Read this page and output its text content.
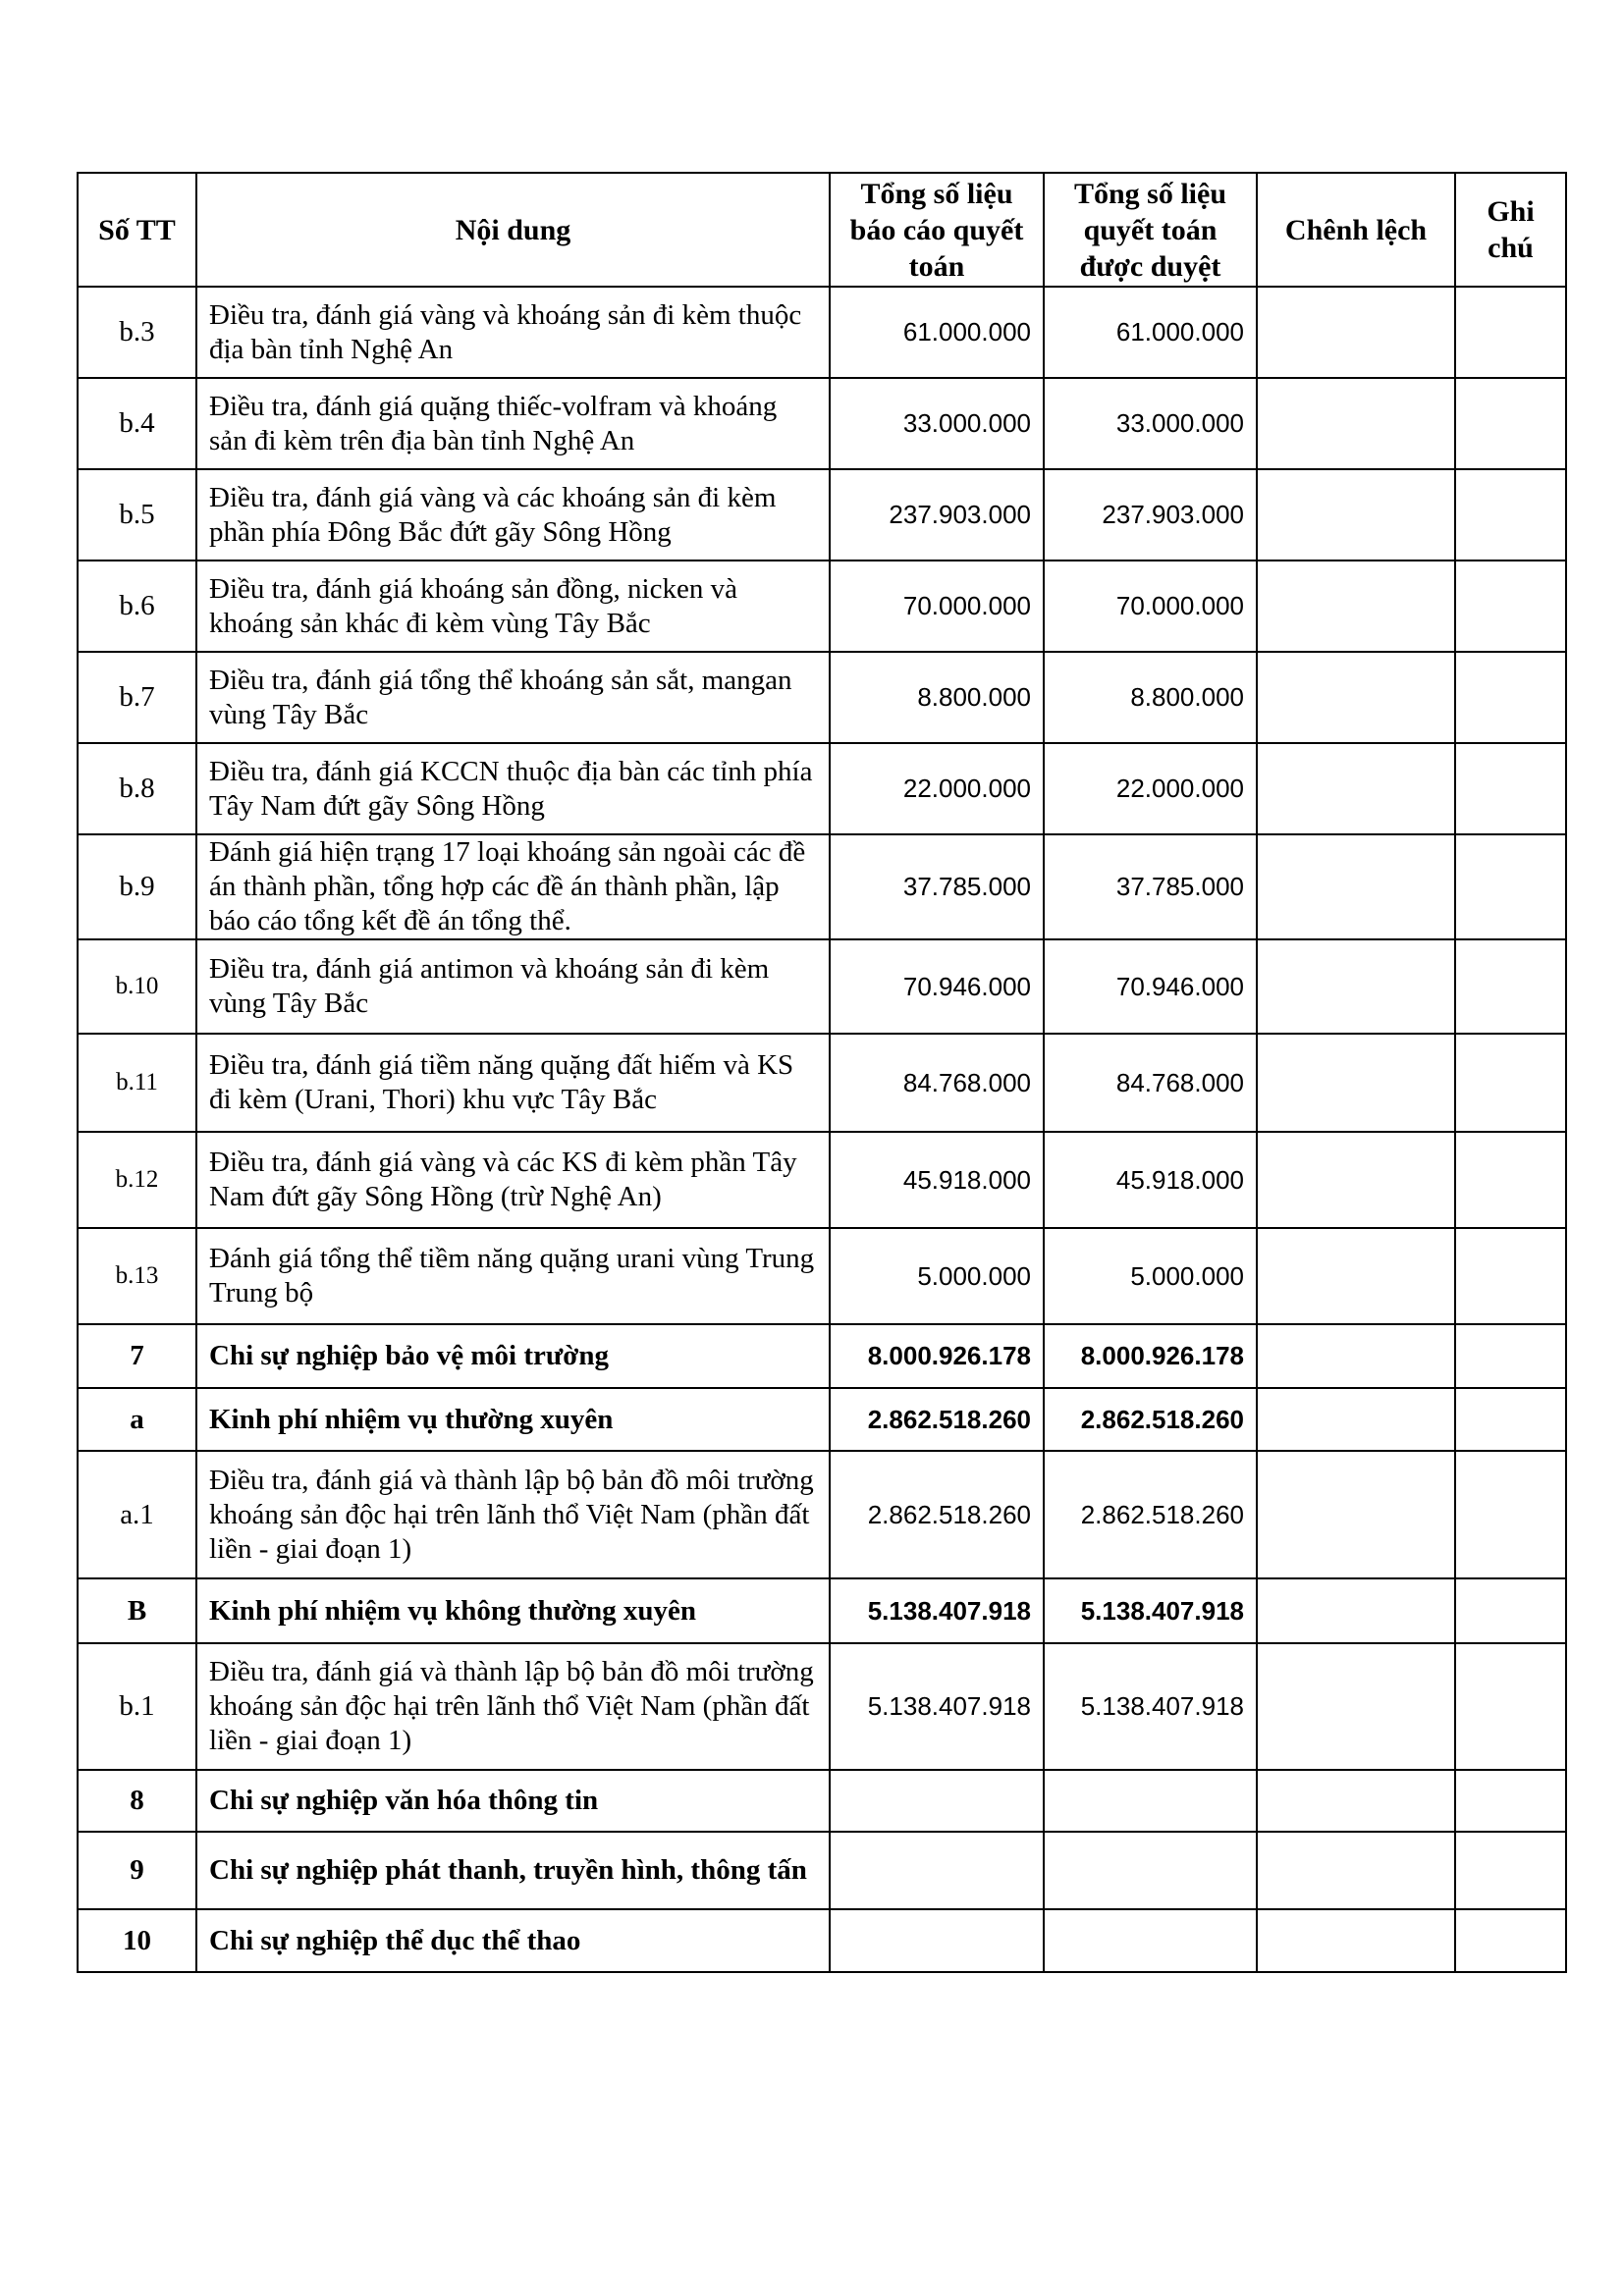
Số TT	Nội dung	Tổng số liệu báo cáo quyết toán	Tổng số liệu quyết toán được duyệt	Chênh lệch	Ghi chú
b.3	Điều tra, đánh giá vàng và khoáng sản đi kèm thuộc địa bàn tỉnh Nghệ An	61.000.000	61.000.000		
b.4	Điều tra, đánh giá quặng thiếc-volfram và khoáng sản đi kèm trên địa bàn tỉnh Nghệ An	33.000.000	33.000.000		
b.5	Điều tra, đánh giá vàng và các khoáng sản đi kèm phần phía Đông Bắc đứt gãy Sông Hồng	237.903.000	237.903.000		
b.6	Điều tra, đánh giá khoáng sản đồng, nicken và khoáng sản khác đi kèm vùng Tây Bắc	70.000.000	70.000.000		
b.7	Điều tra, đánh giá tổng thể khoáng sản sắt, mangan vùng Tây Bắc	8.800.000	8.800.000		
b.8	Điều tra, đánh giá KCCN thuộc địa bàn các tỉnh phía Tây Nam đứt gãy Sông Hồng	22.000.000	22.000.000		
b.9	Đánh giá hiện trạng 17 loại khoáng sản ngoài các đề án thành phần, tổng hợp các đề án thành phần, lập báo cáo tổng kết đề án tổng thể.	37.785.000	37.785.000		
b.10	Điều tra, đánh giá antimon và khoáng sản đi kèm vùng Tây Bắc	70.946.000	70.946.000		
b.11	Điều tra, đánh giá tiềm năng quặng đất hiếm và KS đi kèm (Urani, Thori) khu vực Tây Bắc	84.768.000	84.768.000		
b.12	Điều tra, đánh giá vàng và các KS đi kèm phần Tây Nam đứt gãy Sông Hồng (trừ Nghệ An)	45.918.000	45.918.000		
b.13	Đánh giá tổng thể tiềm năng quặng urani vùng Trung Trung bộ	5.000.000	5.000.000		
7	Chi sự nghiệp bảo vệ môi trường	8.000.926.178	8.000.926.178		
a	Kinh phí nhiệm vụ thường xuyên	2.862.518.260	2.862.518.260		
a.1	Điều tra, đánh giá và thành lập bộ bản đồ môi trường khoáng sản độc hại trên lãnh thổ Việt Nam (phần đất liền - giai đoạn 1)	2.862.518.260	2.862.518.260		
B	Kinh phí nhiệm vụ không thường xuyên	5.138.407.918	5.138.407.918		
b.1	Điều tra, đánh giá và thành lập bộ bản đồ môi trường khoáng sản độc hại trên lãnh thổ Việt Nam (phần đất liền - giai đoạn 1)	5.138.407.918	5.138.407.918		
8	Chi sự nghiệp văn hóa thông tin				
9	Chi sự nghiệp phát thanh, truyền hình, thông tấn				
10	Chi sự nghiệp thể dục thể thao				
